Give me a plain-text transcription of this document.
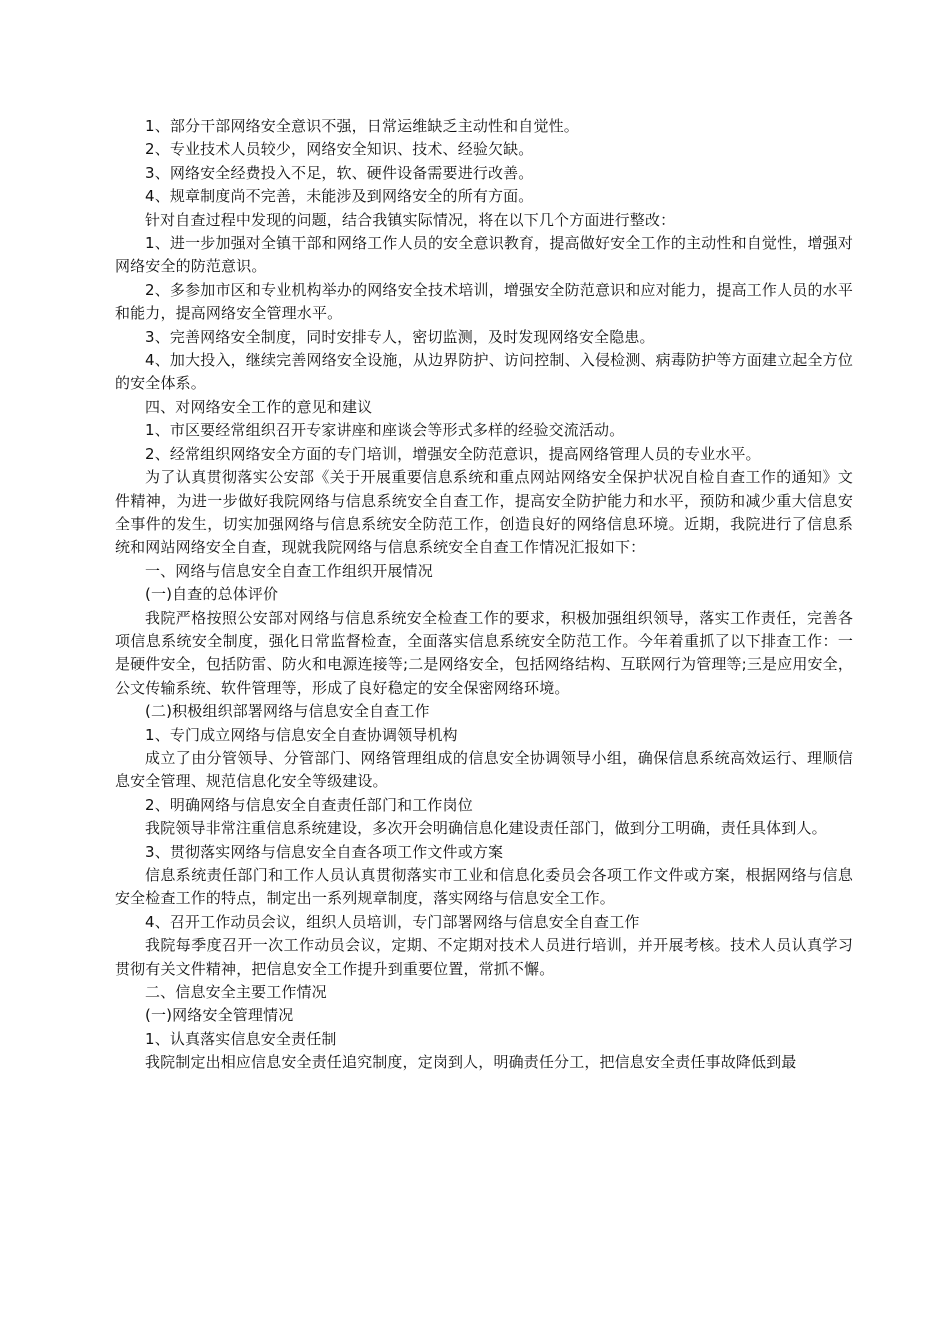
1、部分干部网络安全意识不强，日常运维缺乏主动性和自觉性。

2、专业技术人员较少，网络安全知识、技术、经验欠缺。

3、网络安全经费投入不足，软、硬件设备需要进行改善。

4、规章制度尚不完善，未能涉及到网络安全的所有方面。

针对自查过程中发现的问题，结合我镇实际情况，将在以下几个方面进行整改：

1、进一步加强对全镇干部和网络工作人员的安全意识教育，提高做好安全工作的主动性和自觉性，增强对网络安全的防范意识。

2、多参加市区和专业机构举办的网络安全技术培训，增强安全防范意识和应对能力，提高工作人员的水平和能力，提高网络安全管理水平。

3、完善网络安全制度，同时安排专人，密切监测，及时发现网络安全隐患。

4、加大投入，继续完善网络安全设施，从边界防护、访问控制、入侵检测、病毒防护等方面建立起全方位的安全体系。

四、对网络安全工作的意见和建议

1、市区要经常组织召开专家讲座和座谈会等形式多样的经验交流活动。

2、经常组织网络安全方面的专门培训，增强安全防范意识，提高网络管理人员的专业水平。

为了认真贯彻落实公安部《关于开展重要信息系统和重点网站网络安全保护状况自检自查工作的通知》文件精神，为进一步做好我院网络与信息系统安全自查工作，提高安全防护能力和水平，预防和减少重大信息安全事件的发生，切实加强网络与信息系统安全防范工作，创造良好的网络信息环境。近期，我院进行了信息系统和网站网络安全自查，现就我院网络与信息系统安全自查工作情况汇报如下：

一、网络与信息安全自查工作组织开展情况

(一)自查的总体评价

我院严格按照公安部对网络与信息系统安全检查工作的要求，积极加强组织领导，落实工作责任，完善各项信息系统安全制度，强化日常监督检查，全面落实信息系统安全防范工作。今年着重抓了以下排查工作：一是硬件安全，包括防雷、防火和电源连接等;二是网络安全，包括网络结构、互联网行为管理等;三是应用安全，公文传输系统、软件管理等，形成了良好稳定的安全保密网络环境。

(二)积极组织部署网络与信息安全自查工作

1、专门成立网络与信息安全自查协调领导机构

成立了由分管领导、分管部门、网络管理组成的信息安全协调领导小组，确保信息系统高效运行、理顺信息安全管理、规范信息化安全等级建设。

2、明确网络与信息安全自查责任部门和工作岗位

我院领导非常注重信息系统建设，多次开会明确信息化建设责任部门，做到分工明确，责任具体到人。

3、贯彻落实网络与信息安全自查各项工作文件或方案

信息系统责任部门和工作人员认真贯彻落实市工业和信息化委员会各项工作文件或方案，根据网络与信息安全检查工作的特点，制定出一系列规章制度，落实网络与信息安全工作。

4、召开工作动员会议，组织人员培训，专门部署网络与信息安全自查工作

我院每季度召开一次工作动员会议，定期、不定期对技术人员进行培训，并开展考核。技术人员认真学习贯彻有关文件精神，把信息安全工作提升到重要位置，常抓不懈。

二、信息安全主要工作情况

(一)网络安全管理情况

1、认真落实信息安全责任制

我院制定出相应信息安全责任追究制度，定岗到人，明确责任分工，把信息安全责任事故降低到最
